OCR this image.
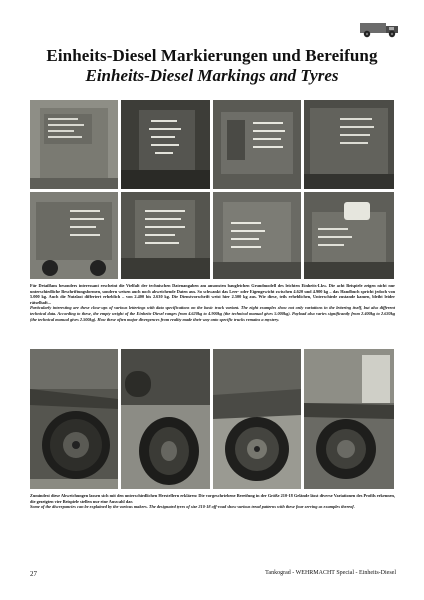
Einheits-Diesel Markierungen und Bereifung
Einheits-Diesel Markings and Tyres
Für Detailfans besonders interessant erscheint die Vielfalt der technischen Datenangaben am ansonsten baugleichen Grundmodell des leichten Einheits-Lkw. Die acht Beispiele zeigen nicht nur unterschiedliche Beschriftungsformen, sondern weisen auch noch abweichende Daten aus. So schwankt das Leer- oder Eigengewicht zwischen 4.620 und 4.900 kg – das Handbuch spricht jedoch von 5.000 kg. Auch die Nutzlast differiert erheblich – von 2.400 bis 2.630 kg. Die Dienstvorschrift weist hier 2.500 kg aus. Wie diese, teils erheblichen, Unterschiede zustande kamen, bleibt leider rätselhaft...
Particularly interesting are these close-ups of various letterings with data specifications on the basic truck variant. The eight examples show not only variations in the lettering itself, but also different technical data. According to these, the empty weight of the Einheits-Diesel ranges from 4.620kg to 4.900kg (the technical manual gives 5.000kg). Payload also varies significantly from 2.400kg to 2.630kg (the technical manual gives 2.500kg). How these often major divergences from reality made their way onto specific trucks remains a mystery.
Zumindest diese Abweichungen lassen sich mit den unterschiedlichen Herstellern erklären: Die vorgeschriebene Bereifung in der Größe 210-18 Gelände lässt diverse Variationen des Profils erkennen, die gezeigten vier Beispiele stellen nur eine Auswahl dar.
Some of the discrepancies can be explained by the various makers. The designated tyres of size 210-18 off-road show various tread patterns with these four serving as examples thereof.
27	Tankograd - WEHRMACHT Special - Einheits-Diesel
